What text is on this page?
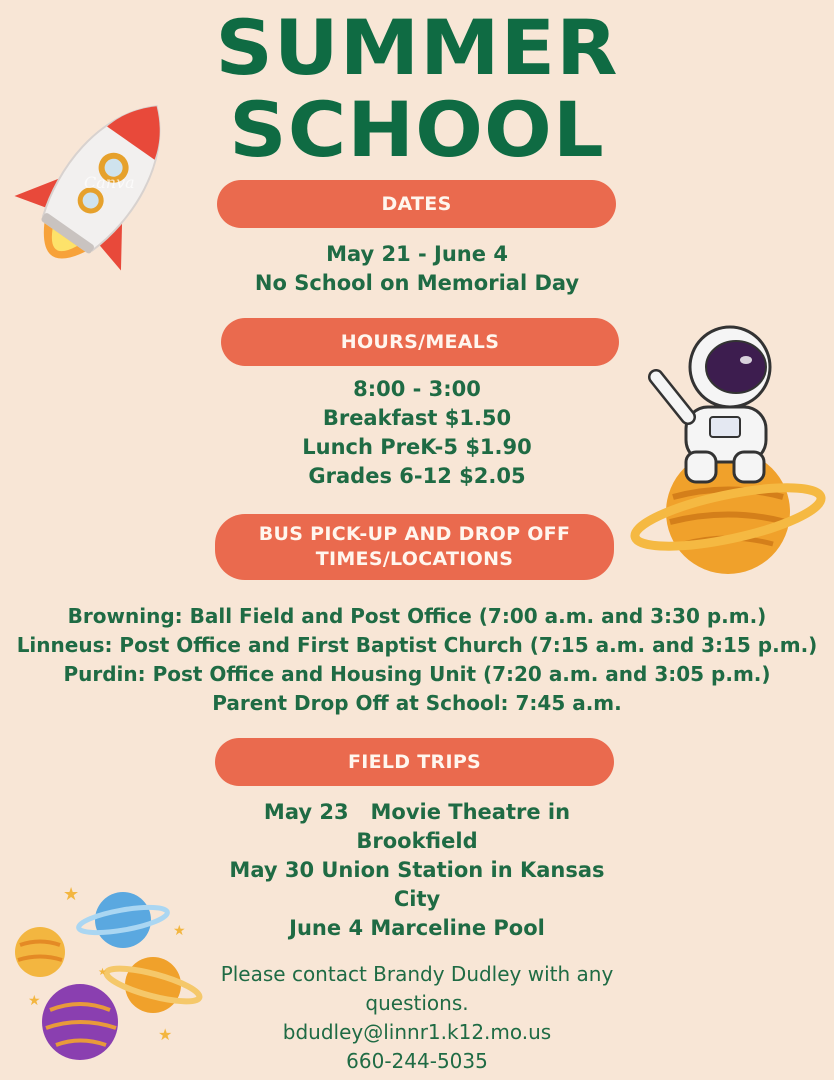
SUMMER
SCHOOL
Canva
★
★
★
★
★
DATES
May 21 - June 4
No School on Memorial Day
HOURS/MEALS
8:00 - 3:00
Breakfast $1.50
Lunch PreK-5 $1.90
Grades 6-12 $2.05
BUS PICK-UP AND DROP OFF
TIMES/LOCATIONS
Browning: Ball Field and Post Office (7:00 a.m. and 3:30 p.m.)
Linneus: Post Office and First Baptist Church (7:15 a.m. and 3:15 p.m.)
Purdin: Post Office and Housing Unit (7:20 a.m. and 3:05 p.m.)
Parent Drop Off at School: 7:45 a.m.
FIELD TRIPS
May 23   Movie Theatre in
Brookfield
May 30 Union Station in Kansas
City
June 4 Marceline Pool
Please contact Brandy Dudley with any
questions.
bdudley@linnr1.k12.mo.us
660-244-5035
